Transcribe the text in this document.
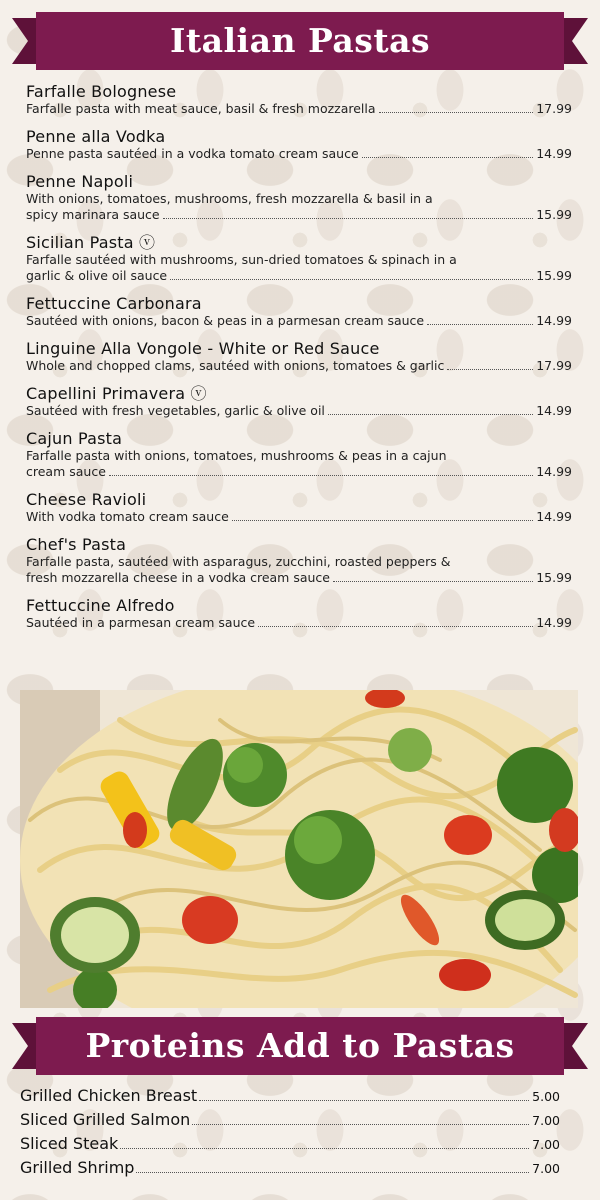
Italian Pastas
Farfalle Bolognese
Farfalle pasta with meat sauce, basil & fresh mozzarella	17.99
Penne alla Vodka
Penne pasta sautéed in a vodka tomato cream sauce	14.99
Penne Napoli
With onions, tomatoes, mushrooms, fresh mozzarella & basil in a
spicy marinara sauce	15.99
Sicilian Pasta ⓥ
Farfalle sautéed with mushrooms, sun-dried tomatoes & spinach in a
garlic & olive oil sauce	15.99
Fettuccine Carbonara
Sautéed with onions, bacon & peas in a parmesan cream sauce	14.99
Linguine Alla Vongole - White or Red Sauce
Whole and chopped clams, sautéed with onions, tomatoes & garlic	17.99
Capellini Primavera ⓥ
Sautéed with fresh vegetables, garlic & olive oil	14.99
Cajun Pasta
Farfalle pasta with onions, tomatoes, mushrooms & peas in a cajun
cream sauce	14.99
Cheese Ravioli
With vodka tomato cream sauce	14.99
Chef's Pasta
Farfalle pasta, sautéed with asparagus, zucchini, roasted peppers &
fresh mozzarella cheese in a vodka cream sauce	15.99
Fettuccine Alfredo
Sautéed in a parmesan cream sauce	14.99
Proteins Add to Pastas
Grilled Chicken Breast	5.00
Sliced Grilled Salmon	7.00
Sliced Steak	7.00
Grilled Shrimp	7.00
